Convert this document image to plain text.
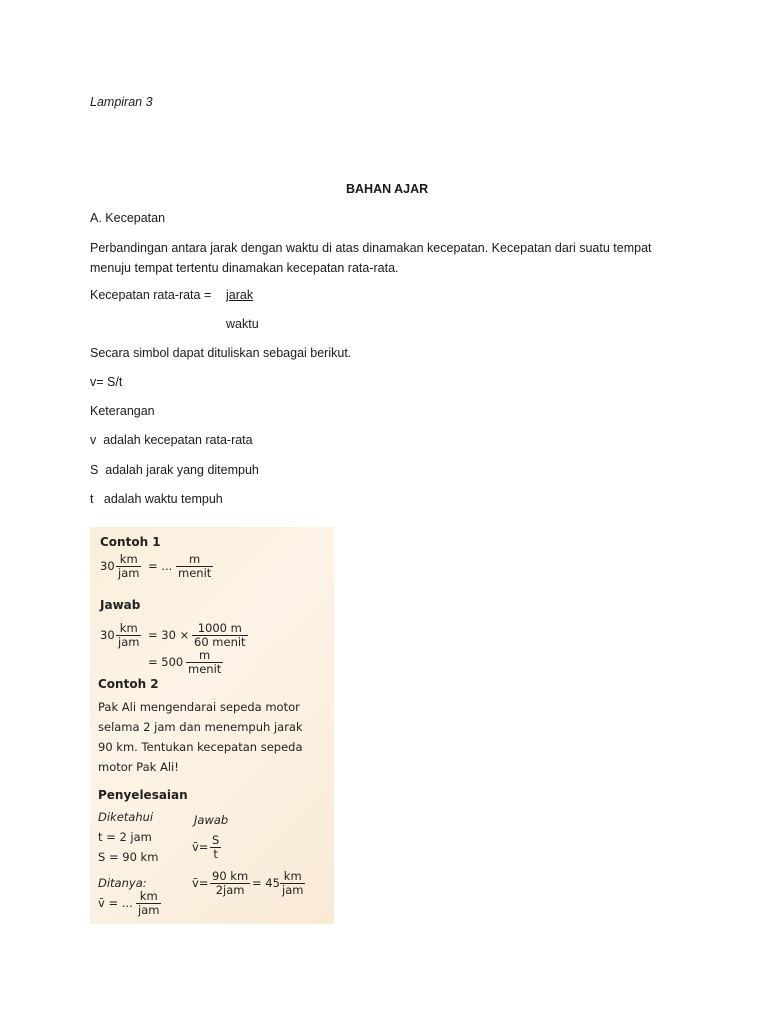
Lampiran 3
BAHAN AJAR
A. Kecepatan
Perbandingan antara jarak dengan waktu di atas dinamakan kecepatan. Kecepatan dari suatu tempat menuju tempat tertentu dinamakan kecepatan rata-rata.
Kecepatan rata-rata = jarak
waktu
Secara simbol dapat dituliskan sebagai berikut.
v= S/t
Keterangan
v  adalah kecepatan rata-rata
S  adalah jarak yang ditempuh
t   adalah waktu tempuh
Contoh 1
30 km
jam = ...	m
menit
Jawab
30 km
jam = 30 × 1000 m
60 menit
= 500	m
menit
Contoh 2
Pak Ali mengendarai sepeda motor
selama 2 jam dan menempuh jarak
90 km. Tentukan kecepatan sepeda
motor Pak Ali!
Penyelesaian
Diketahui
t = 2 jam
S = 90 km
Ditanya:
v̄ = ... km
jam
Jawab
v̄= $\frac{S}{t}$
v̄= 90 km
2jam = 45 km
jam
